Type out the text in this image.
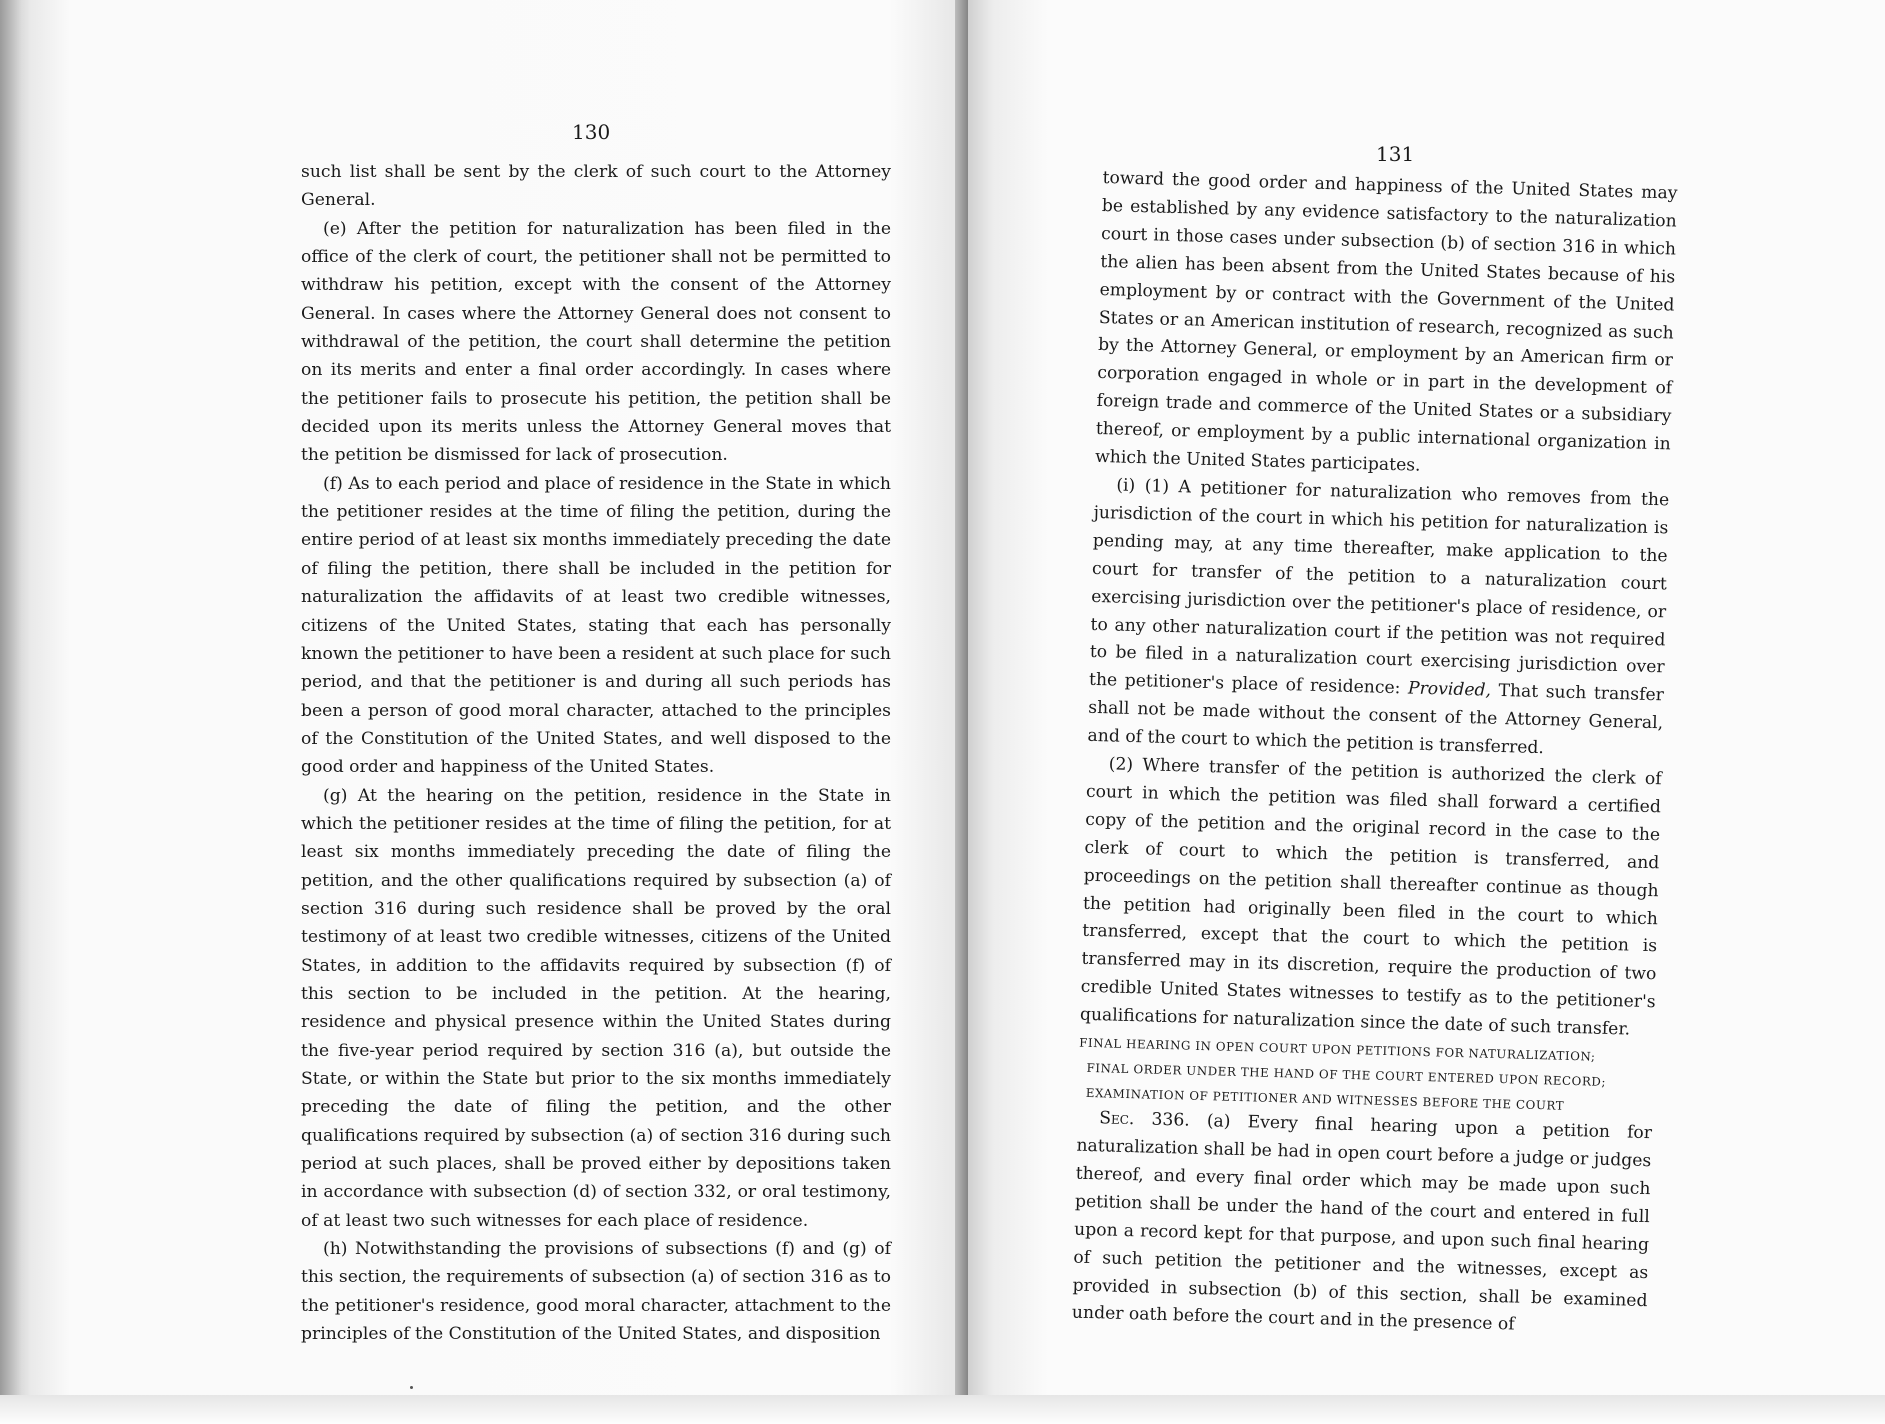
130

such list shall be sent by the clerk of such court to the Attorney General.

(e) After the petition for naturalization has been filed in the office of the clerk of court, the petitioner shall not be permitted to withdraw his petition, except with the consent of the Attorney General. In cases where the Attorney General does not consent to withdrawal of the petition, the court shall determine the petition on its merits and enter a final order accordingly. In cases where the petitioner fails to prosecute his petition, the petition shall be decided upon its merits unless the Attorney General moves that the petition be dismissed for lack of prosecution.

(f) As to each period and place of residence in the State in which the petitioner resides at the time of filing the petition, during the entire period of at least six months immediately preceding the date of filing the petition, there shall be included in the petition for naturalization the affidavits of at least two credible witnesses, citizens of the United States, stating that each has personally known the petitioner to have been a resident at such place for such period, and that the petitioner is and during all such periods has been a person of good moral character, attached to the principles of the Constitution of the United States, and well disposed to the good order and happiness of the United States.

(g) At the hearing on the petition, residence in the State in which the petitioner resides at the time of filing the petition, for at least six months immediately preceding the date of filing the petition, and the other qualifications required by subsection (a) of section 316 during such residence shall be proved by the oral testimony of at least two credible witnesses, citizens of the United States, in addition to the affidavits required by subsection (f) of this section to be included in the petition. At the hearing, residence and physical presence within the United States during the five-year period required by section 316 (a), but outside the State, or within the State but prior to the six months immediately preceding the date of filing the petition, and the other qualifications required by subsection (a) of section 316 during such period at such places, shall be proved either by depositions taken in accordance with subsection (d) of section 332, or oral testimony, of at least two such witnesses for each place of residence.

(h) Notwithstanding the provisions of subsections (f) and (g) of this section, the requirements of subsection (a) of section 316 as to the petitioner's residence, good moral character, attachment to the principles of the Constitution of the United States, and disposition

131

toward the good order and happiness of the United States may be established by any evidence satisfactory to the naturalization court in those cases under subsection (b) of section 316 in which the alien has been absent from the United States because of his employment by or contract with the Government of the United States or an American institution of research, recognized as such by the Attorney General, or employment by an American firm or corporation engaged in whole or in part in the development of foreign trade and commerce of the United States or a subsidiary thereof, or employment by a public international organization in which the United States participates.

(i) (1) A petitioner for naturalization who removes from the jurisdiction of the court in which his petition for naturalization is pending may, at any time thereafter, make application to the court for transfer of the petition to a naturalization court exercising jurisdiction over the petitioner's place of residence, or to any other naturalization court if the petition was not required to be filed in a naturalization court exercising jurisdiction over the petitioner's place of residence: Provided, That such transfer shall not be made without the consent of the Attorney General, and of the court to which the petition is transferred.

(2) Where transfer of the petition is authorized the clerk of court in which the petition was filed shall forward a certified copy of the petition and the original record in the case to the clerk of court to which the petition is transferred, and proceedings on the petition shall thereafter continue as though the petition had originally been filed in the court to which transferred, except that the court to which the petition is transferred may in its discretion, require the production of two credible United States witnesses to testify as to the petitioner's qualifications for naturalization since the date of such transfer.

FINAL HEARING IN OPEN COURT UPON PETITIONS FOR NATURALIZATION;
FINAL ORDER UNDER THE HAND OF THE COURT ENTERED UPON RECORD;
EXAMINATION OF PETITIONER AND WITNESSES BEFORE THE COURT

Sec. 336. (a) Every final hearing upon a petition for naturalization shall be had in open court before a judge or judges thereof, and every final order which may be made upon such petition shall be under the hand of the court and entered in full upon a record kept for that purpose, and upon such final hearing of such petition the petitioner and the witnesses, except as provided in subsection (b) of this section, shall be examined under oath before the court and in the presence of
